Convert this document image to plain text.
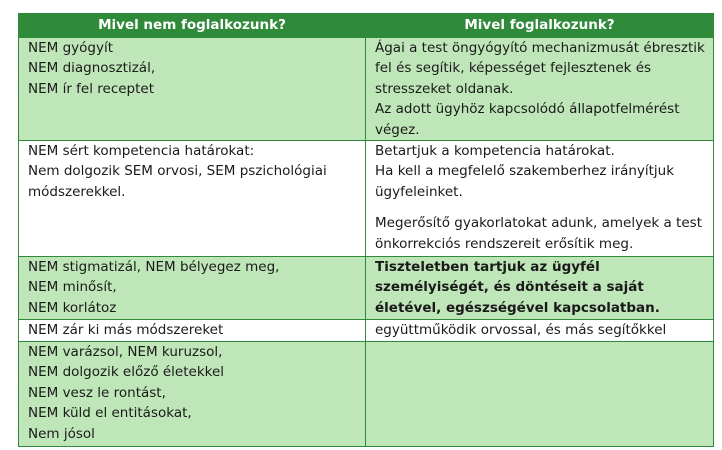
Mivel nem foglalkozunk?	Mivel foglalkozunk?

NEM gyógyít
NEM diagnosztizál,
NEM ír fel receptet	Ágai a test öngyógyító mechanizmusát ébresztik fel és segítik, képességet fejlesztenek és stresszeket oldanak.
Az adott ügyhöz kapcsolódó állapotfelmérést végez.

NEM sért kompetencia határokat:
Nem dolgozik SEM orvosi, SEM pszichológiai módszerekkel.	Betartjuk a kompetencia határokat.
Ha kell a megfelelő szakemberhez irányítjuk ügyfeleinket.
Megerősítő gyakorlatokat adunk, amelyek a test önkorrekciós rendszereit erősítik meg.

NEM stigmatizál, NEM bélyegez meg,
NEM minősít,
NEM korlátoz	Tiszteletben tartjuk az ügyfél személyiségét, és döntéseit a saját életével, egészségével kapcsolatban.

NEM zár ki más módszereket	együttműködik orvossal, és más segítőkkel

NEM varázsol, NEM kuruzsol,
NEM dolgozik előző életekkel
NEM vesz le rontást,
NEM küld el entitásokat,
Nem jósol	
